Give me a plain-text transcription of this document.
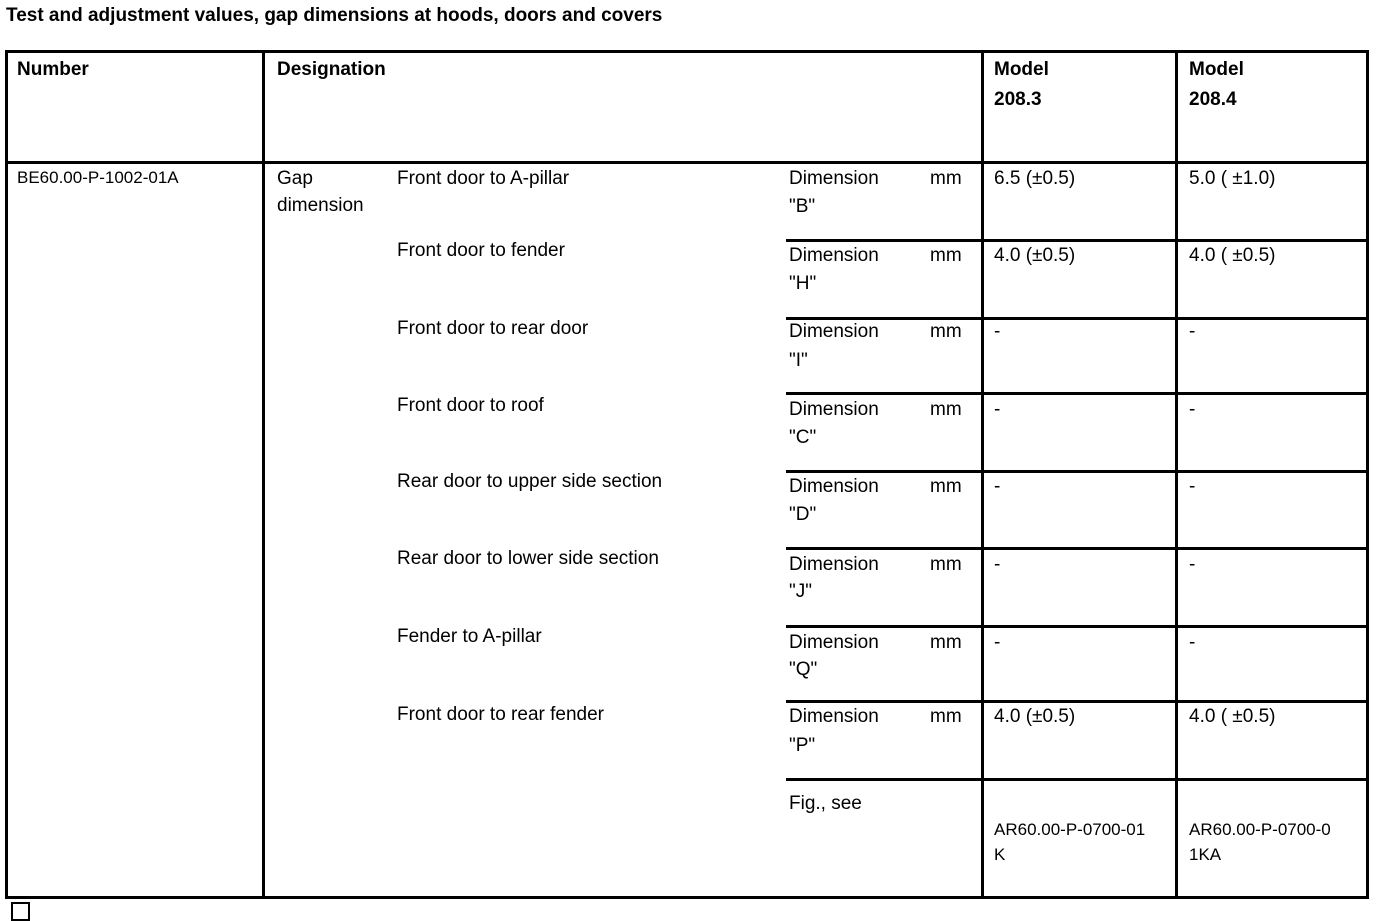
Test and adjustment values, gap dimensions at hoods, doors and covers
Number	Designation	Model
208.3
Model
208.4
BE60.00-P-1002-01A	Gap
dimension
Front door to A-pillar	Dimension	mm
"B"
6.5 (±0.5)	5.0 ( ±1.0)
Front door to fender	Dimension	mm
"H"
4.0 (±0.5)	4.0 ( ±0.5)
Front door to rear door	Dimension	mm
"I"
-	-
Front door to roof	Dimension	mm
"C"
-	-
Rear door to upper side section	Dimension	mm
"D"
-	-
Rear door to lower side section	Dimension	mm
"J"
-	-
Fender to A-pillar	Dimension	mm
"Q"
-	-
Front door to rear fender	Dimension	mm
"P"
4.0 (±0.5)	4.0 ( ±0.5)
Fig., see
AR60.00-P-0700-01
K
AR60.00-P-0700-0
1KA
